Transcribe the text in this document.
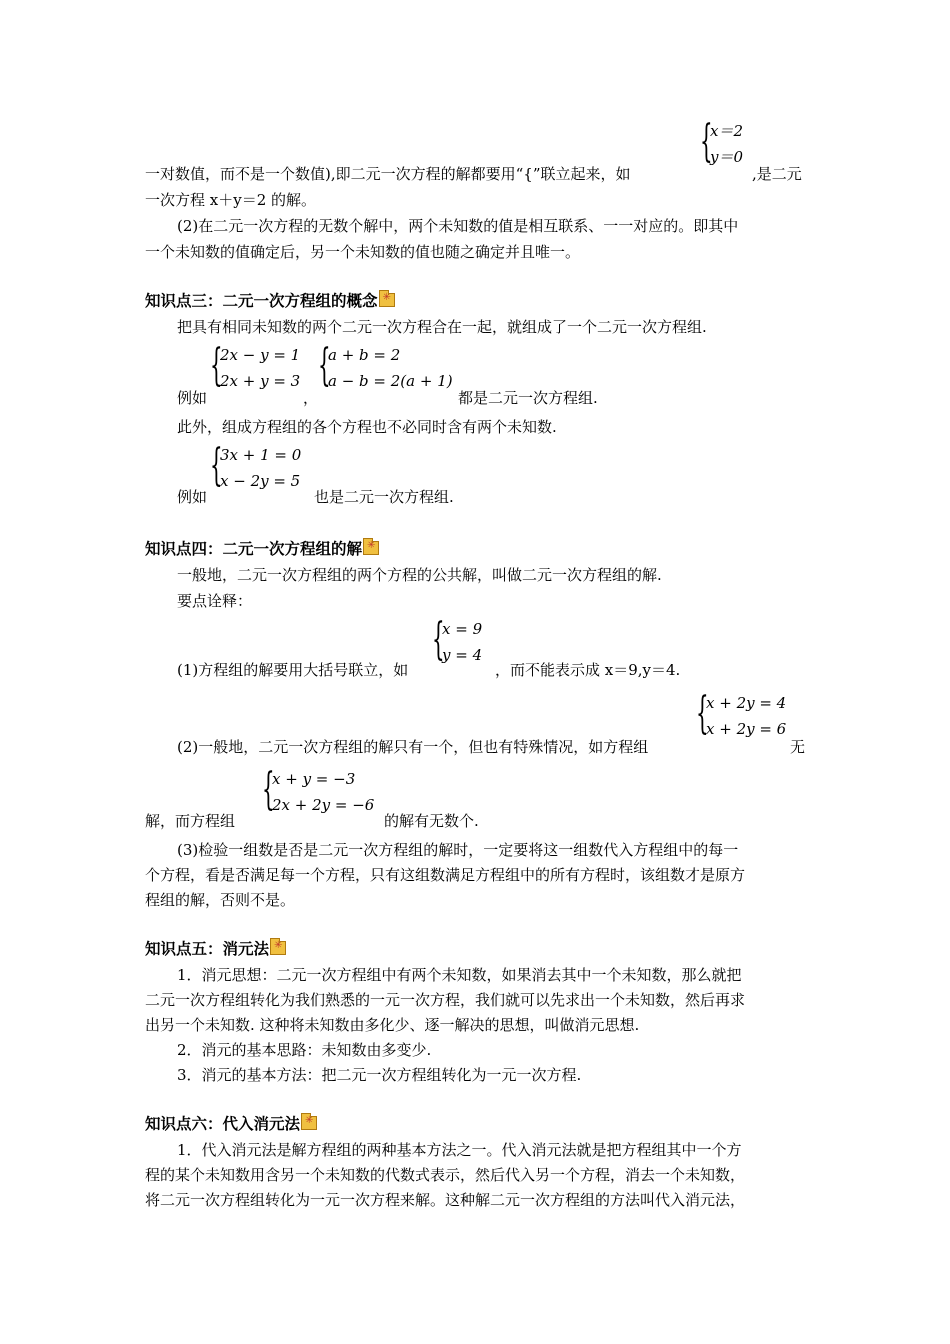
{
x＝2
y＝0
一对数值，而不是一个数值),即二元一次方程的解都要用“{”联立起来，如	,是二元
一次方程 x＋y＝2 的解。
(2)在二元一次方程的无数个解中，两个未知数的值是相互联系、一一对应的。即其中
一个未知数的值确定后，另一个未知数的值也随之确定并且唯一。
知识点三：二元一次方程组的概念✳
把具有相同未知数的两个二元一次方程合在一起，就组成了一个二元一次方程组.
{
2x − y = 1
2x + y = 3 {
a + b = 2
a − b = 2(a + 1)
例如	，	都是二元一次方程组.
此外，组成方程组的各个方程也不必同时含有两个未知数.
{
3x + 1 = 0
x − 2y = 5
例如	也是二元一次方程组.
知识点四：二元一次方程组的解✳
一般地，二元一次方程组的两个方程的公共解，叫做二元一次方程组的解.
要点诠释：
{
x = 9
y = 4
(1)方程组的解要用大括号联立，如	，而不能表示成 x＝9,y＝4.
{
x + 2y = 4
x + 2y = 6
(2)一般地，二元一次方程组的解只有一个，但也有特殊情况，如方程组	无
{
x + y = −3
2x + 2y = −6
解，而方程组	的解有无数个.
(3)检验一组数是否是二元一次方程组的解时，一定要将这一组数代入方程组中的每一
个方程，看是否满足每一个方程，只有这组数满足方程组中的所有方程时，该组数才是原方
程组的解，否则不是。
知识点五：消元法✳
1．消元思想：二元一次方程组中有两个未知数，如果消去其中一个未知数，那么就把
二元一次方程组转化为我们熟悉的一元一次方程，我们就可以先求出一个未知数，然后再求
出另一个未知数. 这种将未知数由多化少、逐一解决的思想，叫做消元思想.
2．消元的基本思路：未知数由多变少.
3．消元的基本方法：把二元一次方程组转化为一元一次方程.
知识点六：代入消元法✳
1．代入消元法是解方程组的两种基本方法之一。代入消元法就是把方程组其中一个方
程的某个未知数用含另一个未知数的代数式表示，然后代入另一个方程，消去一个未知数，
将二元一次方程组转化为一元一次方程来解。这种解二元一次方程组的方法叫代入消元法，
